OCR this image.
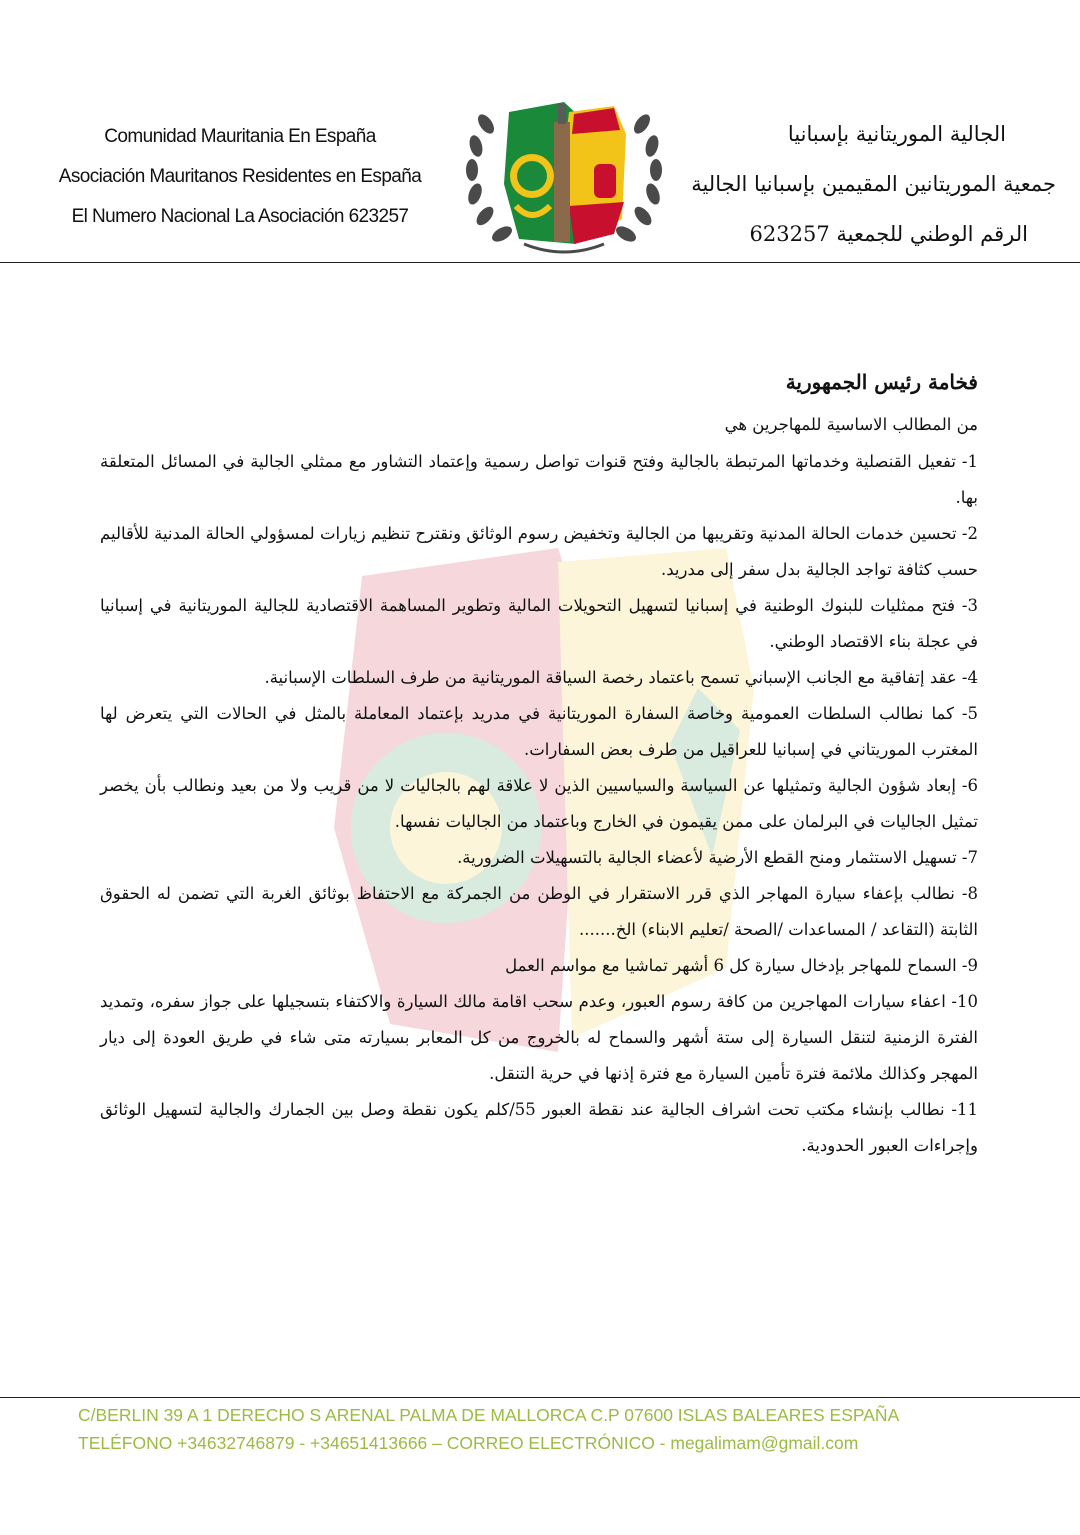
Comunidad Mauritania En España
Asociación Mauritanos Residentes en España
El Numero Nacional La Asociación 623257
الجالية الموريتانية بإسبانيا
جمعية الموريتانين المقيمين بإسبانيا الجالية
الرقم الوطني للجمعية 623257
فخامة رئيس الجمهورية
من المطالب الاساسية للمهاجرين هي

1- تفعيل القنصلية وخدماتها المرتبطة بالجالية وفتح قنوات تواصل رسمية وإعتماد التشاور مع ممثلي الجالية في المسائل المتعلقة بها.

2- تحسين خدمات الحالة المدنية وتقريبها من الجالية وتخفيض رسوم الوثائق ونقترح تنظيم زيارات لمسؤولي الحالة المدنية للأقاليم حسب كثافة تواجد الجالية بدل سفر إلى مدريد.

3- فتح ممثليات للبنوك الوطنية في إسبانيا لتسهيل التحويلات المالية وتطوير المساهمة الاقتصادية للجالية الموريتانية في إسبانيا في عجلة بناء الاقتصاد الوطني.

4- عقد إتفاقية مع الجانب الإسباني تسمح باعتماد رخصة السياقة الموريتانية من طرف السلطات الإسبانية.

5- كما نطالب السلطات العمومية وخاصة السفارة الموريتانية في مدريد بإعتماد المعاملة بالمثل في الحالات التي يتعرض لها المغترب الموريتاني في إسبانيا للعراقيل من طرف بعض السفارات.

6- إبعاد شؤون الجالية وتمثيلها عن السياسة والسياسيين الذين لا علاقة لهم بالجاليات لا من قريب ولا من بعيد ونطالب بأن يخصر تمثيل الجاليات في البرلمان على ممن يقيمون في الخارج وباعتماد من الجاليات نفسها.

7- تسهيل الاستثمار ومنح القطع الأرضية لأعضاء الجالية بالتسهيلات الضرورية.

8- نطالب بإعفاء سيارة المهاجر الذي قرر الاستقرار في الوطن من الجمركة مع الاحتفاظ بوثائق الغربة التي تضمن له الحقوق الثابتة (التقاعد / المساعدات /الصحة /تعليم الابناء) الخ.......

9- السماح للمهاجر بإدخال سيارة كل 6 أشهر تماشيا مع مواسم العمل

10- اعفاء سيارات المهاجرين من كافة رسوم العبور، وعدم سحب اقامة مالك السيارة والاكتفاء بتسجيلها على جواز سفره، وتمديد الفترة الزمنية لتنقل السيارة إلى ستة أشهر والسماح له بالخروج من كل المعابر بسيارته متى شاء في طريق العودة إلى ديار المهجر وكذالك ملائمة فترة تأمين السيارة مع فترة إذنها في حرية التنقل.

11- نطالب بإنشاء مكتب تحت اشراف الجالية عند نقطة العبور 55/كلم يكون نقطة وصل بين الجمارك والجالية لتسهيل الوثائق وإجراءات العبور الحدودية.

C/BERLIN 39 A 1 DERECHO S ARENAL PALMA DE MALLORCA C.P 07600 ISLAS BALEARES ESPAÑA
TELÉFONO +34632746879 - +34651413666 – CORREO ELECTRÓNICO - megalimam@gmail.com
